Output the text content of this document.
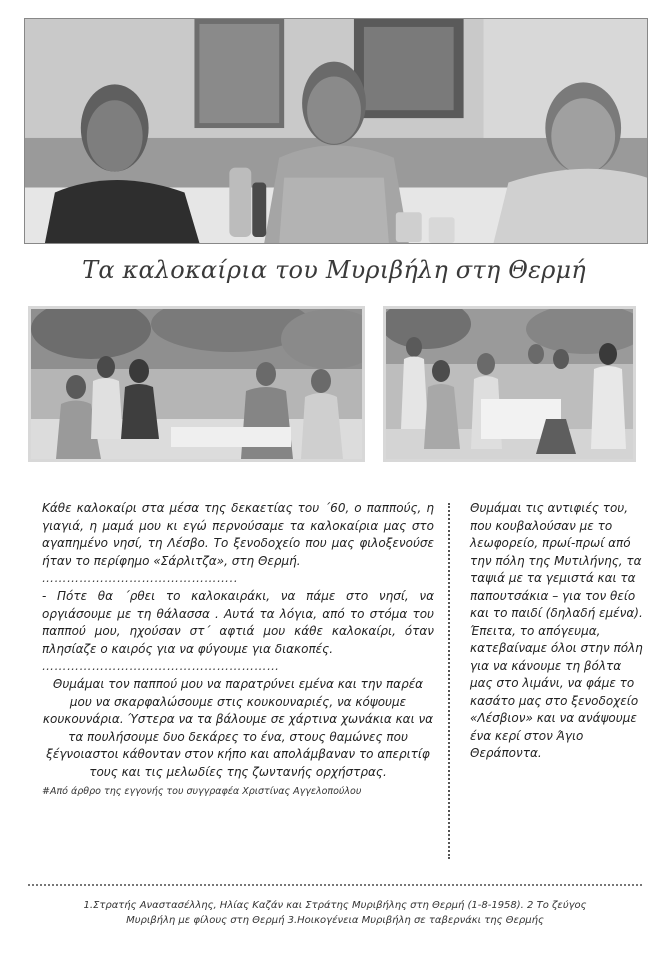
Τα καλοκαίρια του Μυριβήλη στη Θερμή

Κάθε καλοκαίρι στα μέσα της δεκαετίας του ΄60, ο παππούς, η γιαγιά, η μαμά μου κι εγώ περνούσαμε τα καλοκαίρια μας στο αγαπημένο νησί, τη Λέσβο. Το ξενοδοχείο που μας φιλοξενούσε ήταν το περίφημο «Σάρλιτζα», στη Θερμή.

………………………………………..

- Πότε θα ΄ρθει το καλοκαιράκι, να πάμε στο νησί, να οργιάσουμε με τη θάλασσα . Αυτά τα λόγια, από το στόμα του παππού μου, ηχούσαν στ΄ αφτιά μου κάθε καλοκαίρι, όταν πλησίαζε ο καιρός για να φύγουμε για διακοπές.

…………………………………………………

Θυμάμαι τον παππού μου να παρατρύνει εμένα και την παρέα μου να σκαρφαλώσουμε στις κουκουναριές, να κόψουμε κουκουνάρια. Ύστερα να τα βάλουμε σε χάρτινα χωνάκια και να τα πουλήσουμε δυο δεκάρες το ένα, στους θαμώνες που ξέγνοιαστοι κάθονταν στον κήπο και απολάμβαναν το απεριτίφ τους και τις μελωδίες της ζωντανής ορχήστρας.

#Από άρθρο της εγγονής του συγγραφέα Χριστίνας Αγγελοπούλου

Θυμάμαι τις αντιφιές του, που κουβαλούσαν με το λεωφορείο, πρωί-πρωί από την πόλη της Μυτιλήνης, τα ταψιά με τα γεμιστά και τα παπουτσάκια – για τον θείο και το παιδί (δηλαδή εμένα).

Έπειτα, το απόγευμα, κατεβαίναμε όλοι στην πόλη για να κάνουμε τη βόλτα μας στο λιμάνι, να φάμε το κασάτο μας στο ξενοδοχείο «Λέσβιον» και να ανάψουμε ένα κερί στον Άγιο Θεράποντα.

1.Στρατής Αναστασέλλης, Ηλίας Καζάν και Στράτης Μυριβήλης στη Θερμή (1-8-1958). 2 Το ζεύγος
Μυριβήλη με φίλους στη Θερμή 3.Ηοικογένεια Μυριβήλη σε ταβερνάκι της Θερμής
